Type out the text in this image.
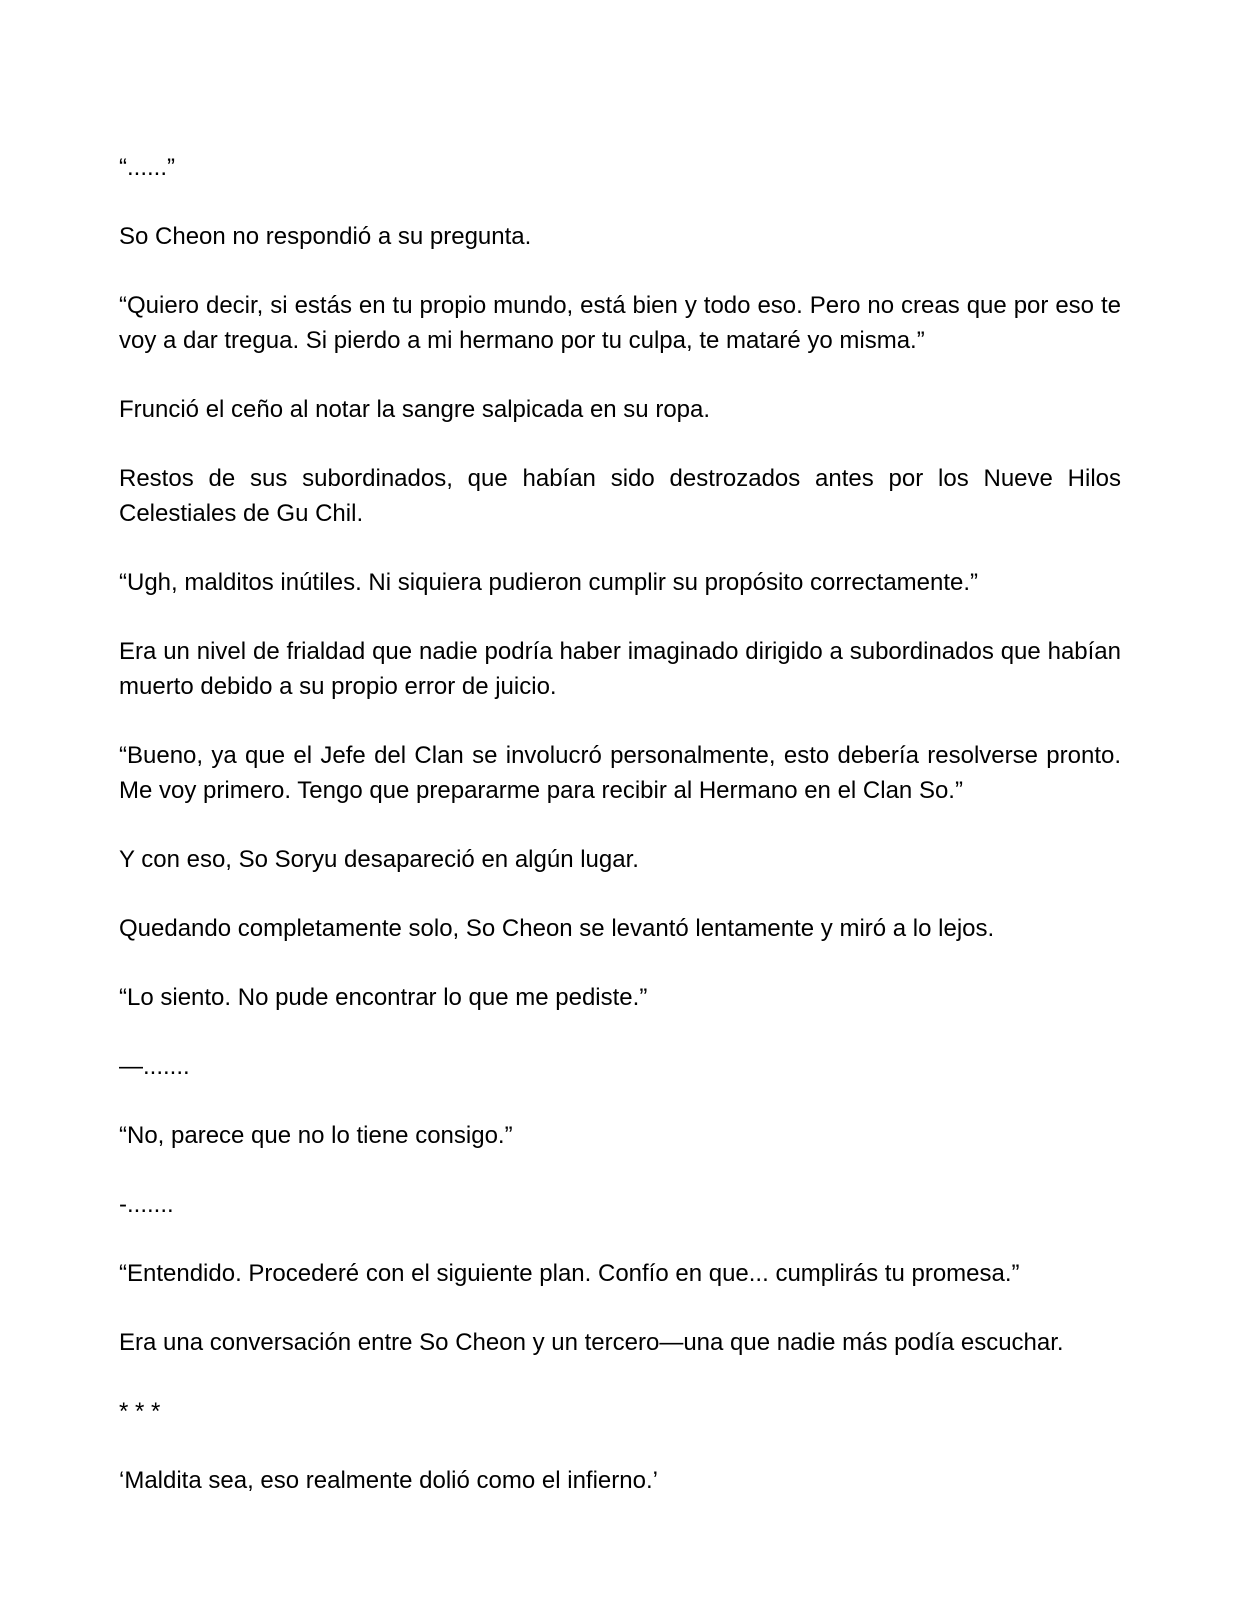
“......”

So Cheon no respondió a su pregunta.

“Quiero decir, si estás en tu propio mundo, está bien y todo eso. Pero no creas que por eso te voy a dar tregua. Si pierdo a mi hermano por tu culpa, te mataré yo misma.”

Frunció el ceño al notar la sangre salpicada en su ropa.

Restos de sus subordinados, que habían sido destrozados antes por los Nueve Hilos Celestiales de Gu Chil.

“Ugh, malditos inútiles. Ni siquiera pudieron cumplir su propósito correctamente.”

Era un nivel de frialdad que nadie podría haber imaginado dirigido a subordinados que habían muerto debido a su propio error de juicio.

“Bueno, ya que el Jefe del Clan se involucró personalmente, esto debería resolverse pronto. Me voy primero. Tengo que prepararme para recibir al Hermano en el Clan So.”

Y con eso, So Soryu desapareció en algún lugar.

Quedando completamente solo, So Cheon se levantó lentamente y miró a lo lejos.

“Lo siento. No pude encontrar lo que me pediste.”

—.......

“No, parece que no lo tiene consigo.”

-.......

“Entendido. Procederé con el siguiente plan. Confío en que... cumplirás tu promesa.”

Era una conversación entre So Cheon y un tercero—una que nadie más podía escuchar.

* * *

‘Maldita sea, eso realmente dolió como el infierno.’
